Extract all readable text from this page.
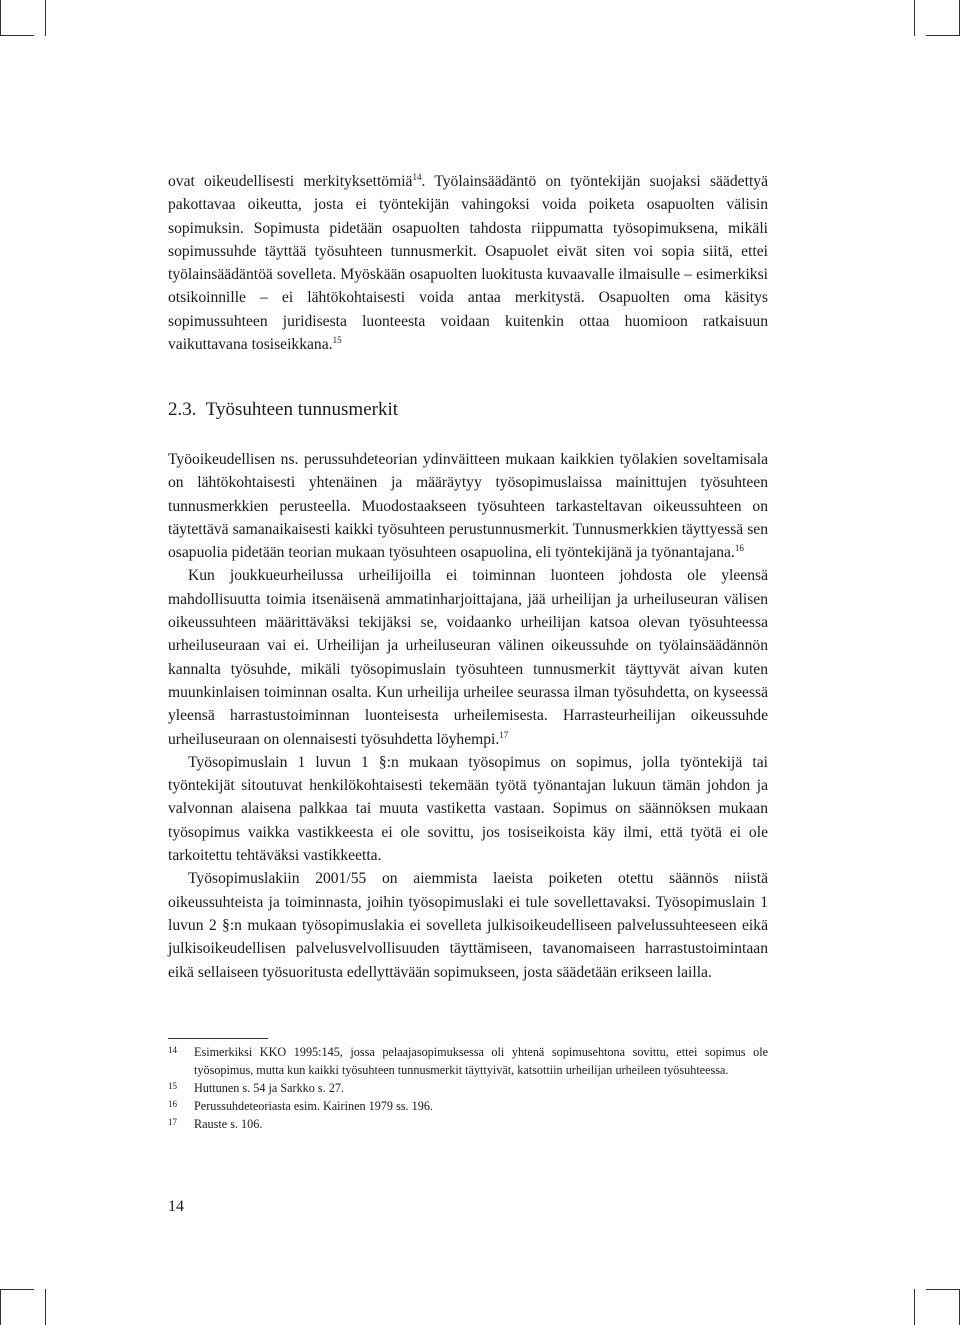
ovat oikeudellisesti merkityksettömiä$^{14}$. Työlainsäädäntö on työntekijän suojaksi säädettyä pakottavaa oikeutta, josta ei työntekijän vahingoksi voida poiketa osapuolten välisin sopimuksin. Sopimusta pidetään osapuolten tahdosta riippumatta työsopimuksena, mikäli sopimussuhde täyttää työsuhteen tunnusmerkit. Osapuolet eivät siten voi sopia siitä, ettei työlainsäädäntöä sovelleta. Myöskään osapuolten luokitusta kuvaavalle ilmaisulle – esimerkiksi otsikoinnille – ei lähtökohtaisesti voida antaa merkitystä. Osapuolten oma käsitys sopimussuhteen juridisesta luonteesta voidaan kuitenkin ottaa huomioon ratkaisuun vaikuttavana tosiseikkana.$^{15}$

2.3. Työsuhteen tunnusmerkit

Työoikeudellisen ns. perussuhdeteorian ydinväitteen mukaan kaikkien työlakien soveltamisala on lähtökohtaisesti yhtenäinen ja määräytyy työsopimuslaissa mainittujen työsuhteen tunnusmerkkien perusteella. Muodostaakseen työsuhteen tarkasteltavan oikeussuhteen on täytettävä samanaikaisesti kaikki työsuhteen perustunnusmerkit. Tunnusmerkkien täyttyessä sen osapuolia pidetään teorian mukaan työsuhteen osapuolina, eli työntekijänä ja työnantajana.$^{16}$

Kun joukkueurheilussa urheilijoilla ei toiminnan luonteen johdosta ole yleensä mahdollisuutta toimia itsenäisenä ammatinharjoittajana, jää urheilijan ja urheiluseuran välisen oikeussuhteen määrittäväksi tekijäksi se, voidaanko urheilijan katsoa olevan työsuhteessa urheiluseuraan vai ei. Urheilijan ja urheiluseuran välinen oikeussuhde on työlainsäädännön kannalta työsuhde, mikäli työsopimuslain työsuhteen tunnusmerkit täyttyvät aivan kuten muunkinlaisen toiminnan osalta. Kun urheilija urheilee seurassa ilman työsuhdetta, on kyseessä yleensä harrastustoiminnan luonteisesta urheilemisesta. Harrasteurheilijan oikeussuhde urheiluseuraan on olennaisesti työsuhdetta löyhempi.$^{17}$

Työsopimuslain 1 luvun 1 §:n mukaan työsopimus on sopimus, jolla työntekijä tai työntekijät sitoutuvat henkilökohtaisesti tekemään työtä työnantajan lukuun tämän johdon ja valvonnan alaisena palkkaa tai muuta vastiketta vastaan. Sopimus on säännöksen mukaan työsopimus vaikka vastikkeesta ei ole sovittu, jos tosiseikoista käy ilmi, että työtä ei ole tarkoitettu tehtäväksi vastikkeetta.

Työsopimuslakiin 2001/55 on aiemmista laeista poiketen otettu säännös niistä oikeussuhteista ja toiminnasta, joihin työsopimuslaki ei tule sovellettavaksi. Työsopimuslain 1 luvun 2 §:n mukaan työsopimuslakia ei sovelleta julkisoikeudelliseen palvelussuhteeseen eikä julkisoikeudellisen palvelusvelvollisuuden täyttämiseen, tavanomaiseen harrastustoimintaan eikä sellaiseen työsuoritusta edellyttävään sopimukseen, josta säädetään erikseen lailla.

14	Esimerkiksi KKO 1995:145, jossa pelaajasopimuksessa oli yhtenä sopimusehtona sovittu, ettei sopimus ole työsopimus, mutta kun kaikki työsuhteen tunnusmerkit täyttyivät, katsottiin urheilijan urheileen työsuhteessa.
15	Huttunen s. 54 ja Sarkko s. 27.
16	Perussuhdeteoriasta esim. Kairinen 1979 ss. 196.
17	Rauste s. 106.
14
